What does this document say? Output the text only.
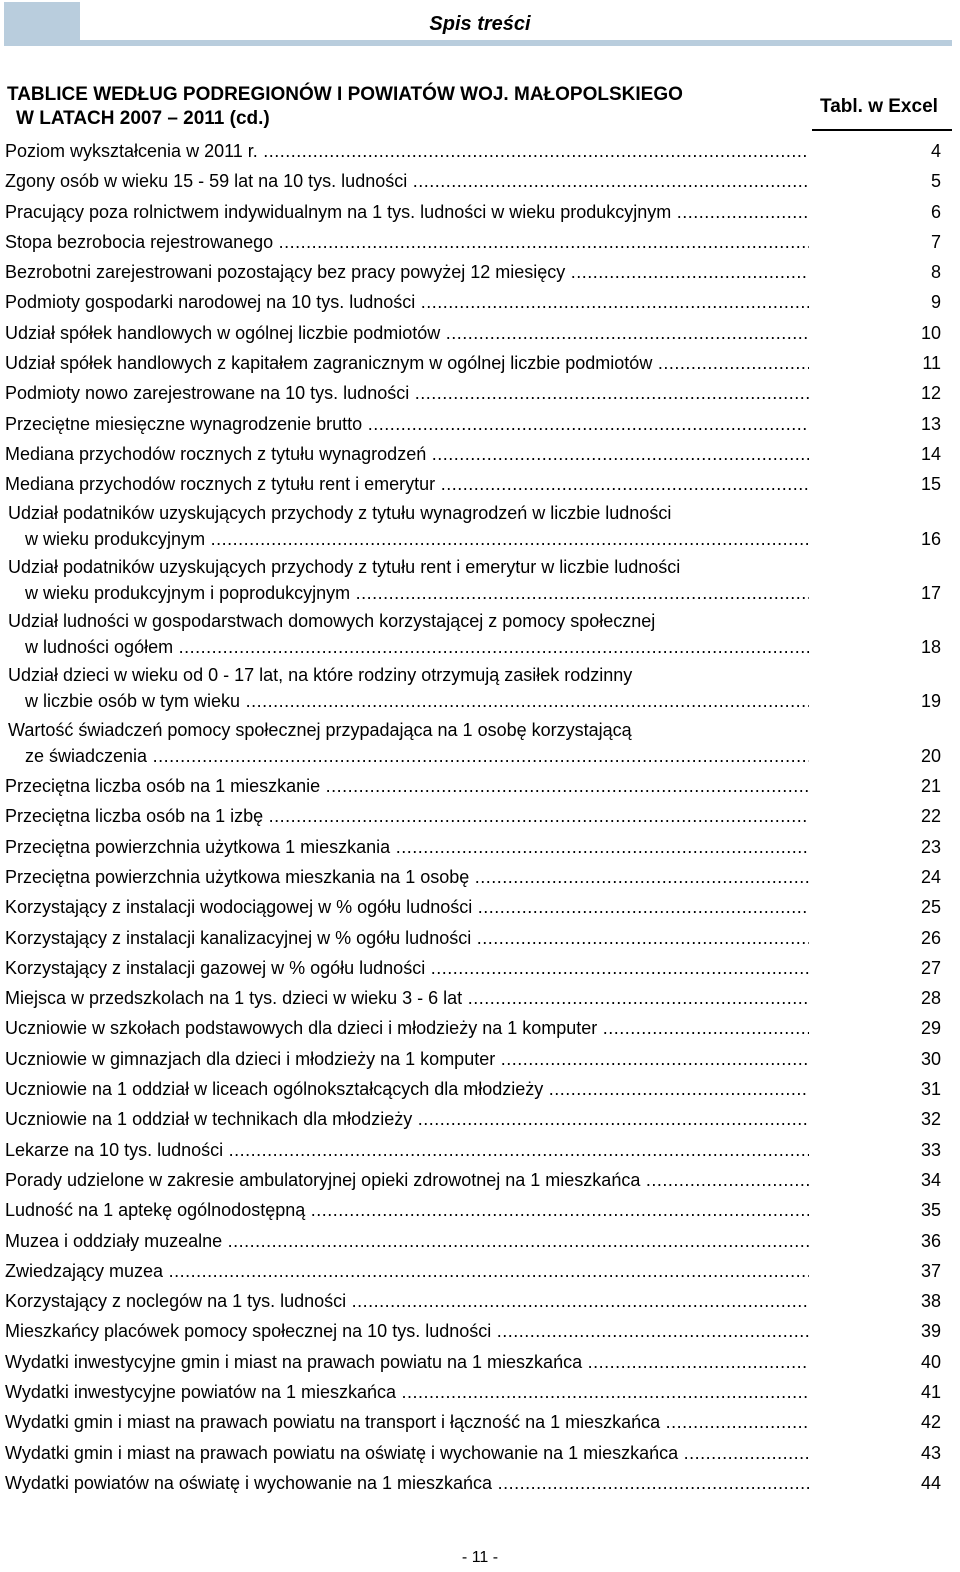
Spis treści
TABLICE WEDŁUG PODREGIONÓW I POWIATÓW WOJ. MAŁOPOLSKIEGO
W LATACH 2007 – 2011 (cd.)
Tabl. w Excel
Poziom wykształcenia w 2011 r. .....	4
Zgony osób w wieku 15 - 59 lat na 10 tys. ludności .....	5
Pracujący poza rolnictwem indywidualnym na 1 tys. ludności w wieku produkcyjnym .....	6
Stopa bezrobocia rejestrowanego .....	7
Bezrobotni zarejestrowani pozostający bez pracy powyżej 12 miesięcy .....	8
Podmioty gospodarki narodowej na 10 tys. ludności .....	9
Udział spółek handlowych w ogólnej liczbie podmiotów .....	10
Udział spółek handlowych z kapitałem zagranicznym w ogólnej liczbie podmiotów .....	11
Podmioty nowo zarejestrowane na 10 tys. ludności .....	12
Przeciętne miesięczne wynagrodzenie brutto .....	13
Mediana przychodów rocznych z tytułu wynagrodzeń .....	14
Mediana przychodów rocznych z tytułu rent i emerytur .....	15
Udział podatników uzyskujących przychody z tytułu wynagrodzeń w liczbie ludności
w wieku produkcyjnym .....	16
Udział podatników uzyskujących przychody z tytułu rent i emerytur w liczbie ludności
w wieku produkcyjnym i poprodukcyjnym .....	17
Udział ludności w gospodarstwach domowych korzystającej z pomocy społecznej
w ludności ogółem .....	18
Udział dzieci w wieku od 0 - 17 lat, na które rodziny otrzymują zasiłek rodzinny
w liczbie osób w tym wieku .....	19
Wartość świadczeń pomocy społecznej przypadająca na 1 osobę korzystającą
ze świadczenia .....	20
Przeciętna liczba osób na 1 mieszkanie .....	21
Przeciętna liczba osób na 1 izbę .....	22
Przeciętna powierzchnia użytkowa 1 mieszkania .....	23
Przeciętna powierzchnia użytkowa mieszkania na 1 osobę .....	24
Korzystający z instalacji wodociągowej w % ogółu ludności .....	25
Korzystający z instalacji kanalizacyjnej w % ogółu ludności .....	26
Korzystający z instalacji gazowej w % ogółu ludności .....	27
Miejsca w przedszkolach na 1 tys. dzieci w wieku 3 - 6 lat .....	28
Uczniowie w szkołach podstawowych dla dzieci i młodzieży na 1 komputer .....	29
Uczniowie w gimnazjach dla dzieci i młodzieży na 1 komputer .....	30
Uczniowie na 1 oddział w liceach ogólnokształcących dla młodzieży .....	31
Uczniowie na 1 oddział w technikach dla młodzieży .....	32
Lekarze na 10 tys. ludności .....	33
Porady udzielone w zakresie ambulatoryjnej opieki zdrowotnej na 1 mieszkańca .....	34
Ludność na 1 aptekę ogólnodostępną .....	35
Muzea i oddziały muzealne .....	36
Zwiedzający muzea .....	37
Korzystający z noclegów na 1 tys. ludności .....	38
Mieszkańcy placówek pomocy społecznej na 10 tys. ludności .....	39
Wydatki inwestycyjne gmin i miast na prawach powiatu na 1 mieszkańca .....	40
Wydatki inwestycyjne powiatów na 1 mieszkańca .....	41
Wydatki gmin i miast na prawach powiatu na transport i łączność na 1 mieszkańca .....	42
Wydatki gmin i miast na prawach powiatu na oświatę i wychowanie na 1 mieszkańca .....	43
Wydatki powiatów na oświatę i wychowanie na 1 mieszkańca .....	44
- 11 -
